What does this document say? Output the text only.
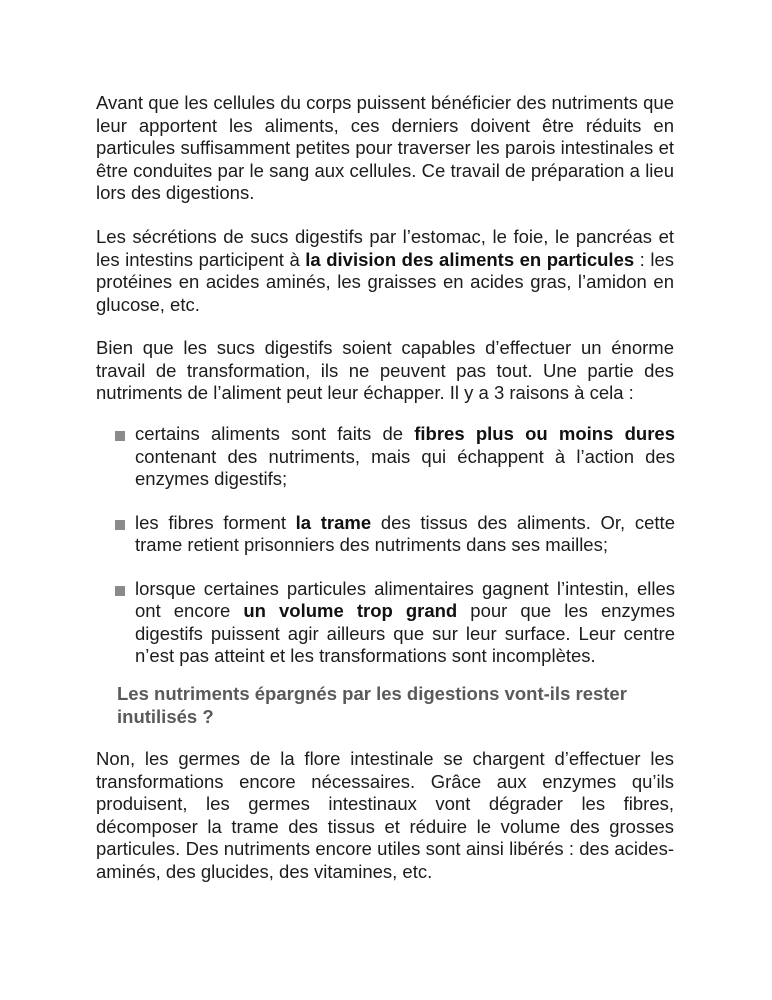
Avant que les cellules du corps puissent bénéficier des nutriments que leur apportent les aliments, ces derniers doivent être réduits en particules suffisamment petites pour traverser les parois intestinales et être conduites par le sang aux cellules. Ce travail de préparation a lieu lors des digestions.

Les sécrétions de sucs digestifs par l’estomac, le foie, le pancréas et les intestins participent à la division des aliments en particules : les protéines en acides aminés, les graisses en acides gras, l’amidon en glucose, etc.

Bien que les sucs digestifs soient capables d’effectuer un énorme travail de transformation, ils ne peuvent pas tout. Une partie des nutriments de l’aliment peut leur échapper. Il y a 3 raisons à cela :

certains aliments sont faits de fibres plus ou moins dures contenant des nutriments, mais qui échappent à l’action des enzymes digestifs;
les fibres forment la trame des tissus des aliments. Or, cette trame retient prisonniers des nutriments dans ses mailles;
lorsque certaines particules alimentaires gagnent l’intestin, elles ont encore un volume trop grand pour que les enzymes digestifs puissent agir ailleurs que sur leur surface. Leur centre n’est pas atteint et les transformations sont incomplètes.

Les nutriments épargnés par les digestions vont-ils rester inutilisés ?

Non, les germes de la flore intestinale se chargent d’effectuer les transformations encore nécessaires. Grâce aux enzymes qu’ils produisent, les germes intestinaux vont dégrader les fibres, décomposer la trame des tissus et réduire le volume des grosses particules. Des nutriments encore utiles sont ainsi libérés : des acides-aminés, des glucides, des vitamines, etc.
